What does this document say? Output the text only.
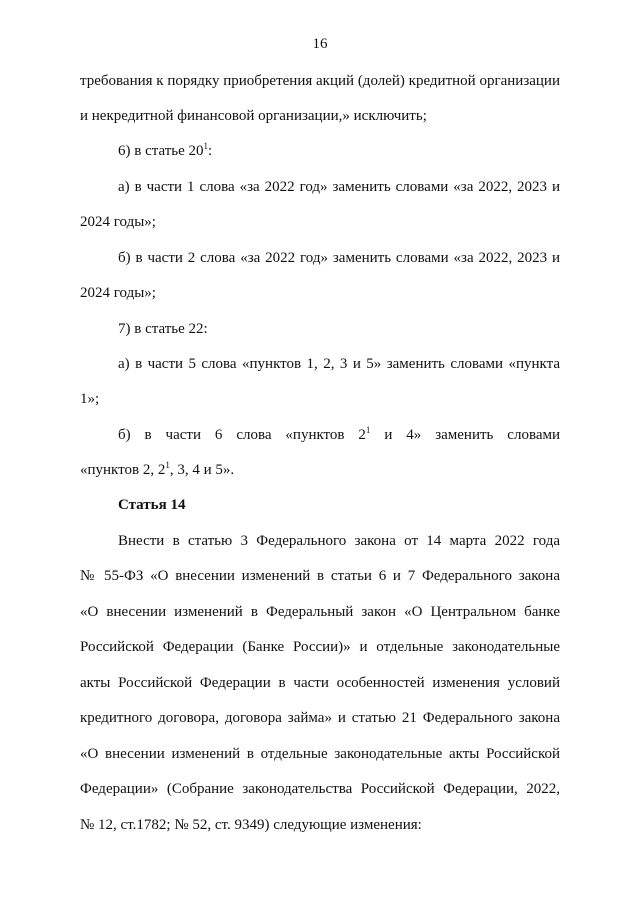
16
требования к порядку приобретения акций (долей) кредитной организации
и некредитной финансовой организации,» исключить;
6) в статье $20^1$:
а) в части 1 слова «за 2022 год» заменить словами «за 2022, 2023 и
2024 годы»;
б) в части 2 слова «за 2022 год» заменить словами «за 2022, 2023 и
2024 годы»;
7) в статье 22:
а) в части 5 слова «пунктов 1, 2, 3 и 5» заменить словами «пункта
1»;
б) в части 6 слова «пунктов $2^1$ и 4» заменить словами
«пунктов 2, $2^1$, 3, 4 и 5».
Статья 14
Внести в статью 3 Федерального закона от 14 марта 2022 года
№ 55-ФЗ «О внесении изменений в статьи 6 и 7 Федерального закона
«О внесении изменений в Федеральный закон «О Центральном банке
Российской Федерации (Банке России)» и отдельные законодательные
акты Российской Федерации в части особенностей изменения условий
кредитного договора, договора займа» и статью 21 Федерального закона
«О внесении изменений в отдельные законодательные акты Российской
Федерации» (Собрание законодательства Российской Федерации, 2022,
№ 12, ст.1782; № 52, ст. 9349) следующие изменения:
